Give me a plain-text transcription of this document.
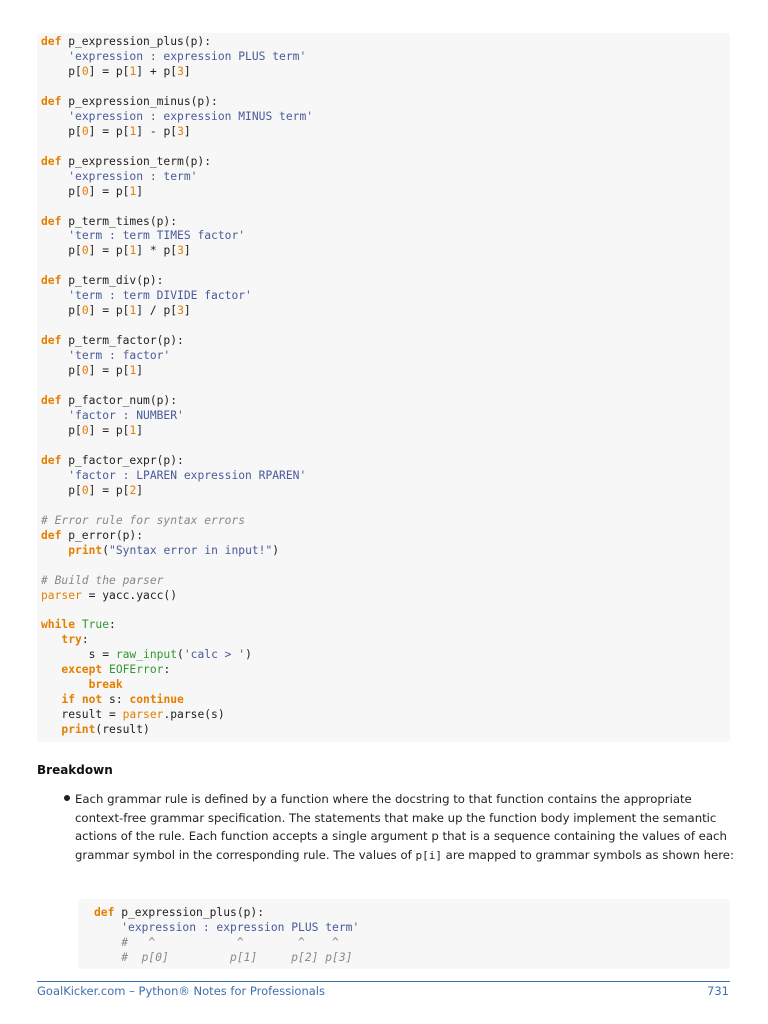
def p_expression_plus(p):
'expression : expression PLUS term'
p[0] = p[1] + p[3]
def p_expression_minus(p):
'expression : expression MINUS term'
p[0] = p[1] - p[3]
def p_expression_term(p):
'expression : term'
p[0] = p[1]
def p_term_times(p):
'term : term TIMES factor'
p[0] = p[1] * p[3]
def p_term_div(p):
'term : term DIVIDE factor'
p[0] = p[1] / p[3]
def p_term_factor(p):
'term : factor'
p[0] = p[1]
def p_factor_num(p):
'factor : NUMBER'
p[0] = p[1]
def p_factor_expr(p):
'factor : LPAREN expression RPAREN'
p[0] = p[2]
# Error rule for syntax errors
def p_error(p):
print("Syntax error in input!")
# Build the parser
parser = yacc.yacc()
while True:
try:
s = raw_input('calc > ')
except EOFError:
break
if not s: continue
result = parser.parse(s)
print(result)
Breakdown
Each grammar rule is defined by a function where the docstring to that function contains the appropriate context-free grammar specification. The statements that make up the function body implement the semantic actions of the rule. Each function accepts a single argument p that is a sequence containing the values of each grammar symbol in the corresponding rule. The values of p[i] are mapped to grammar symbols as shown here:
def p_expression_plus(p):
'expression : expression PLUS term'
#   ^            ^        ^    ^
#  p[0]         p[1]     p[2] p[3]
GoalKicker.com – Python® Notes for Professionals	731
